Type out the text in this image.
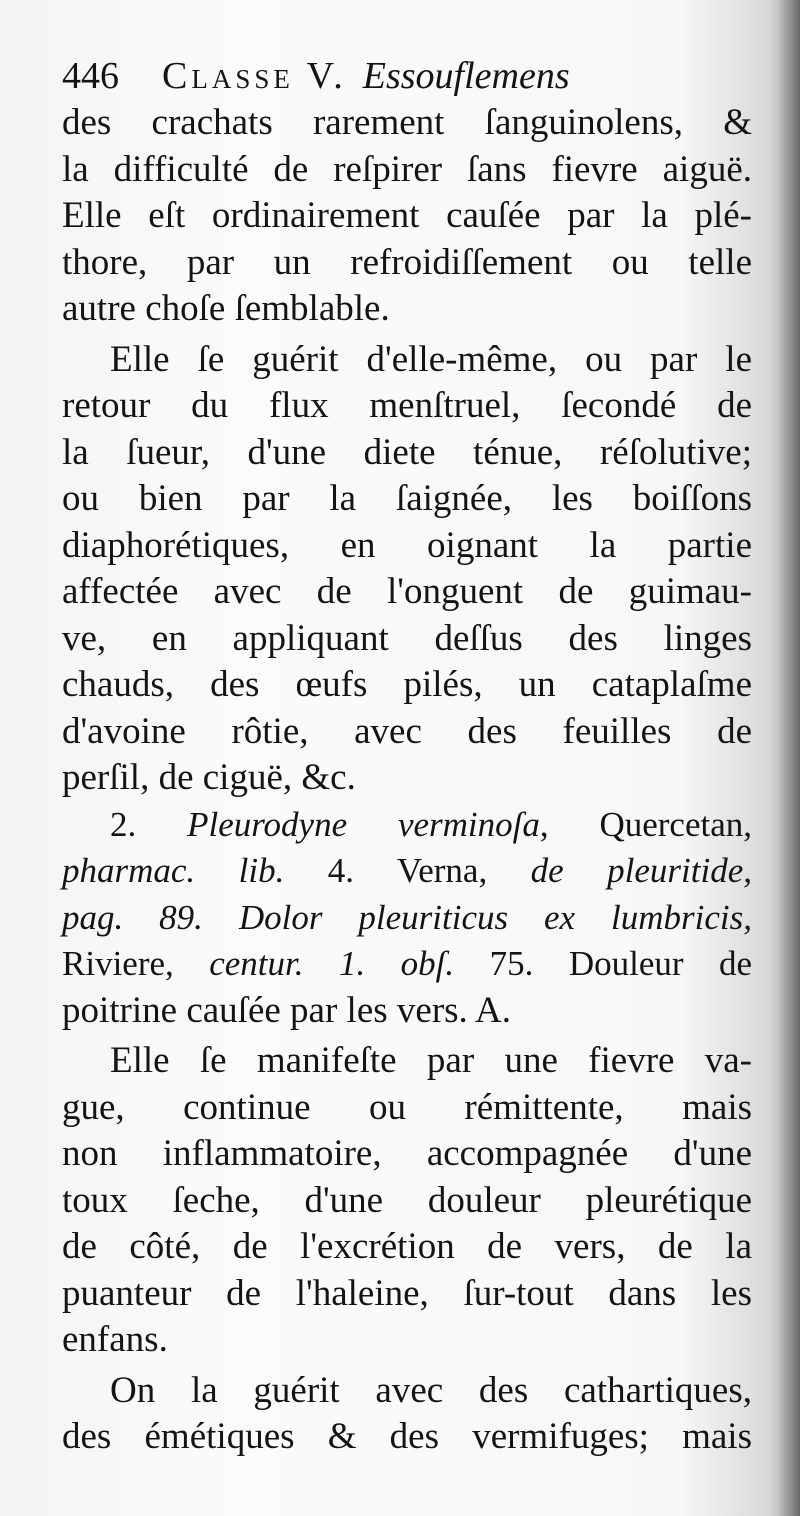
446	Classe V. Essouflemens
des crachats rarement ſanguinolens, &
la difficulté de reſpirer ſans fievre aiguë.
Elle eſt ordinairement cauſée par la plé-
thore, par un refroidiſſement ou telle
autre choſe ſemblable.
Elle ſe guérit d'elle-même, ou par le
retour du flux menſtruel, ſecondé de
la ſueur, d'une diete ténue, réſolutive;
ou bien par la ſaignée, les boiſſons
diaphorétiques, en oignant la partie
affectée avec de l'onguent de guimau-
ve, en appliquant deſſus des linges
chauds, des œufs pilés, un cataplaſme
d'avoine rôtie, avec des feuilles de
perſil, de ciguë, &c.
2. Pleurodyne verminoſa, Quercetan,
pharmac. lib. 4. Verna, de pleuritide,
pag. 89. Dolor pleuriticus ex lumbricis,
Riviere, centur. 1. obſ. 75. Douleur de
poitrine cauſée par les vers. A.
Elle ſe manifeſte par une fievre va-
gue, continue ou rémittente, mais
non inflammatoire, accompagnée d'une
toux ſeche, d'une douleur pleurétique
de côté, de l'excrétion de vers, de la
puanteur de l'haleine, ſur-tout dans les
enfans.
On la guérit avec des cathartiques,
des émétiques & des vermifuges; mais
